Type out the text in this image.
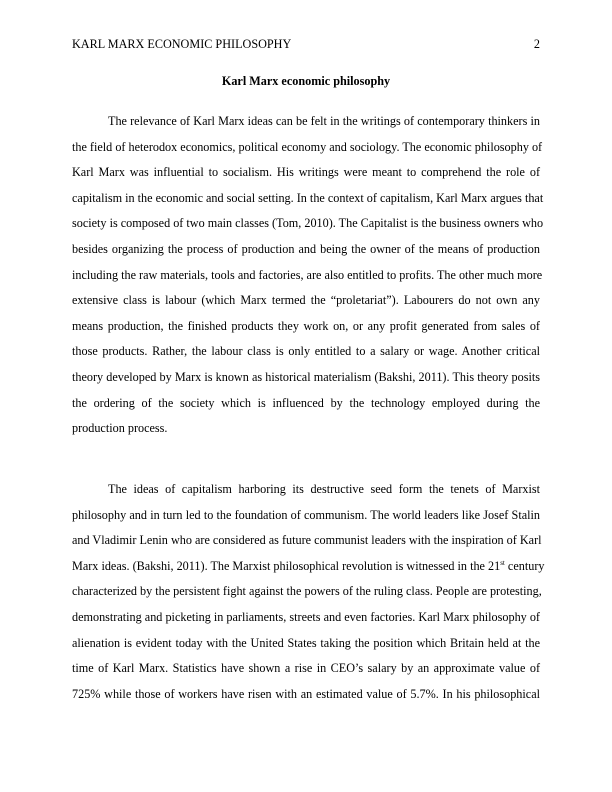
KARL MARX ECONOMIC PHILOSOPHY	2
Karl Marx economic philosophy
The relevance of Karl Marx ideas can be felt in the writings of contemporary thinkers in
the field of heterodox economics, political economy and sociology. The economic philosophy of
Karl Marx was influential to socialism. His writings were meant to comprehend the role of
capitalism in the economic and social setting. In the context of capitalism, Karl Marx argues that
society is composed of two main classes (Tom, 2010). The Capitalist is the business owners who
besides organizing the process of production and being the owner of the means of production
including the raw materials, tools and factories, are also entitled to profits. The other much more
extensive class is labour (which Marx termed the “proletariat”). Labourers do not own any
means production, the finished products they work on, or any profit generated from sales of
those products. Rather, the labour class is only entitled to a salary or wage. Another critical
theory developed by Marx is known as historical materialism (Bakshi, 2011). This theory posits
the ordering of the society which is influenced by the technology employed during the
production process.
The ideas of capitalism harboring its destructive seed form the tenets of Marxist
philosophy and in turn led to the foundation of communism. The world leaders like Josef Stalin
and Vladimir Lenin who are considered as future communist leaders with the inspiration of Karl
Marx ideas. (Bakshi, 2011). The Marxist philosophical revolution is witnessed in the 21st century
characterized by the persistent fight against the powers of the ruling class. People are protesting,
demonstrating and picketing in parliaments, streets and even factories. Karl Marx philosophy of
alienation is evident today with the United States taking the position which Britain held at the
time of Karl Marx. Statistics have shown a rise in CEO’s salary by an approximate value of
725% while those of workers have risen with an estimated value of 5.7%. In his philosophical
